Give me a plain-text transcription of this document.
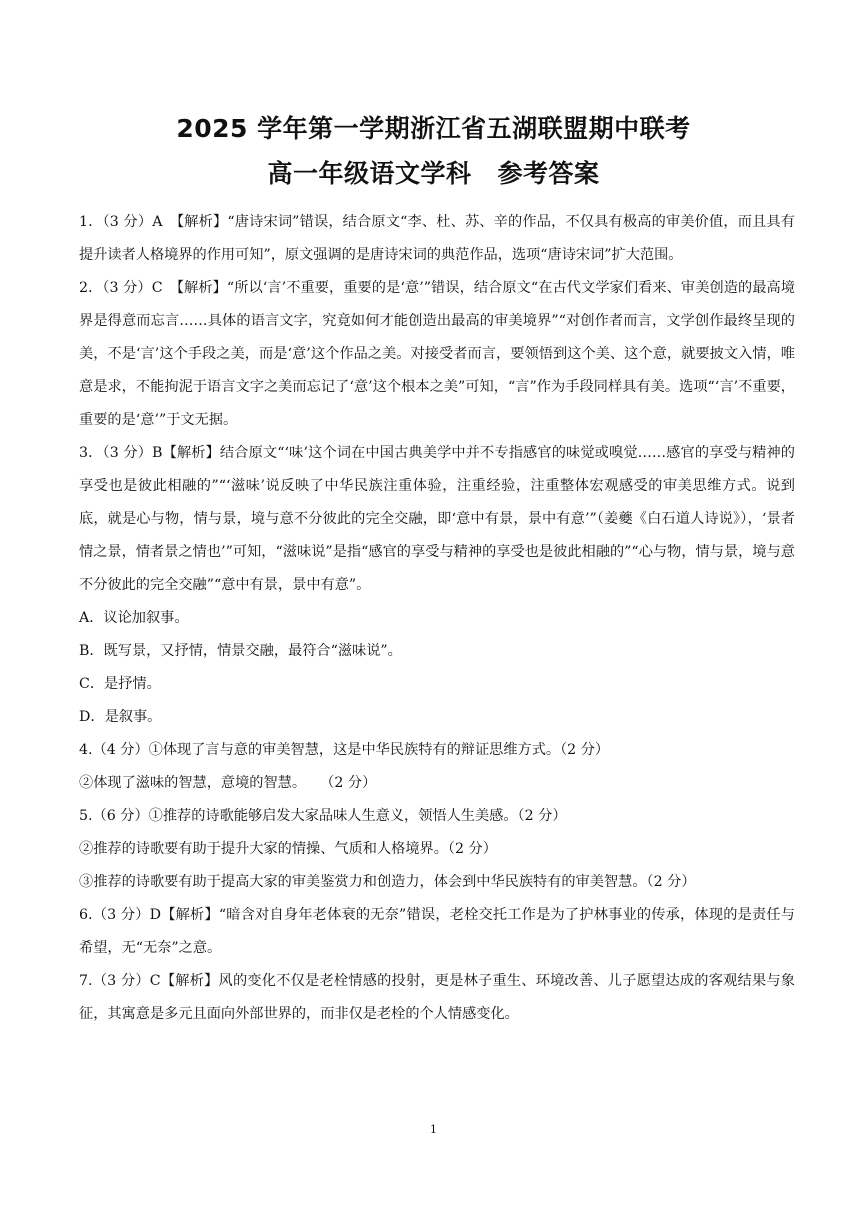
2025 学年第一学期浙江省五湖联盟期中联考
高一年级语文学科 参考答案

1．（3 分）A　【解析】“唐诗宋词”错误，结合原文“李、杜、苏、辛的作品，不仅具有极高的审美价值，而且具有提升读者人格境界的作用可知”，原文强调的是唐诗宋词的典范作品，选项“唐诗宋词”扩大范围。

2．（3 分）C　【解析】“所以‘言’不重要，重要的是‘意’”错误，结合原文“在古代文学家们看来、审美创造的最高境界是得意而忘言……具体的语言文字，究竟如何才能创造出最高的审美境界”“对创作者而言，文学创作最终呈现的美，不是‘言’这个手段之美，而是‘意’这个作品之美。对接受者而言，要领悟到这个美、这个意，就要披文入情，唯意是求，不能拘泥于语言文字之美而忘记了‘意’这个根本之美”可知，“言”作为手段同样具有美。选项“‘言’不重要，重要的是‘意’”于文无据。

3．（3 分）B【解析】结合原文“‘味’这个词在中国古典美学中并不专指感官的味觉或嗅觉……感官的享受与精神的享受也是彼此相融的”“‘滋味’说反映了中华民族注重体验，注重经验，注重整体宏观感受的审美思维方式。说到底，就是心与物，情与景，境与意不分彼此的完全交融，即‘意中有景，景中有意’”（姜夔《白石道人诗说》），‘景者情之景，情者景之情也’”可知，“滋味说”是指“感官的享受与精神的享受也是彼此相融的”“心与物，情与景，境与意不分彼此的完全交融”“意中有景，景中有意”。

A．议论加叙事。

B．既写景，又抒情，情景交融，最符合“滋味说”。

C．是抒情。

D．是叙事。

4.（4 分）①体现了言与意的审美智慧，这是中华民族特有的辩证思维方式。（2 分）

②体现了滋味的智慧，意境的智慧。　　（2 分）

5.（6 分）①推荐的诗歌能够启发大家品味人生意义，领悟人生美感。（2 分）

②推荐的诗歌要有助于提升大家的情操、气质和人格境界。（2 分）

③推荐的诗歌要有助于提高大家的审美鉴赏力和创造力，体会到中华民族特有的审美智慧。（2 分）

6.（3 分）D【解析】“暗含对自身年老体衰的无奈”错误，老栓交托工作是为了护林事业的传承，体现的是责任与希望，无“无奈”之意。

7.（3 分）C【解析】风的变化不仅是老栓情感的投射，更是林子重生、环境改善、儿子愿望达成的客观结果与象征，其寓意是多元且面向外部世界的，而非仅是老栓的个人情感变化。

1
